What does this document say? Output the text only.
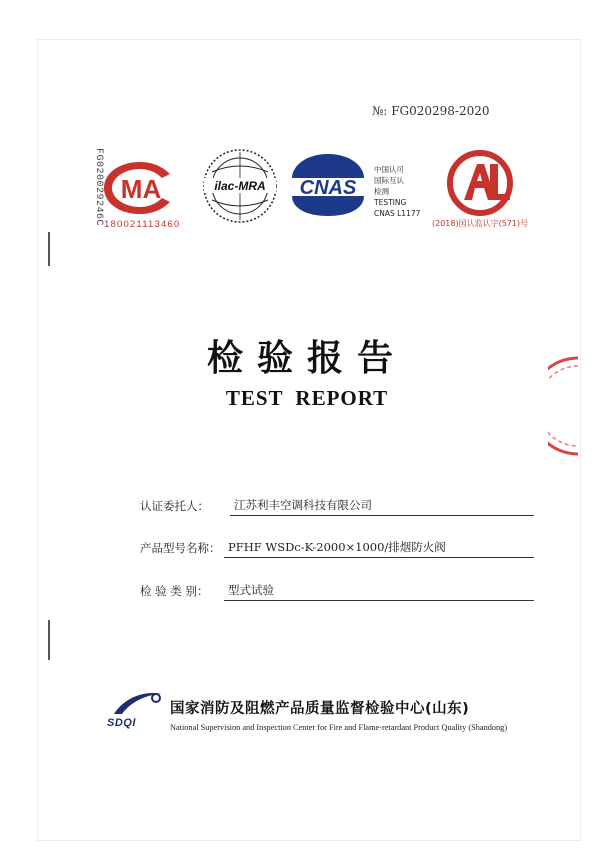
№: FG020298-2020
FG020029246C MA
180021113460
ilac-MRA CNAS
中国认可
国际互认
检测
TESTING
CNAS L1177
(2018)国认监认字(571)号
检验报告
TEST REPORT
认证委托人：	江苏利丰空调科技有限公司
产品型号名称： PFHF WSDc-K-2000×1000/排烟防火阀
检 验 类 别：	型式试验
SDQI
国家消防及阻燃产品质量监督检验中心(山东)
National Supervision and Inspection Center for Fire and Flame-retardant Product Quality (Shandong)
